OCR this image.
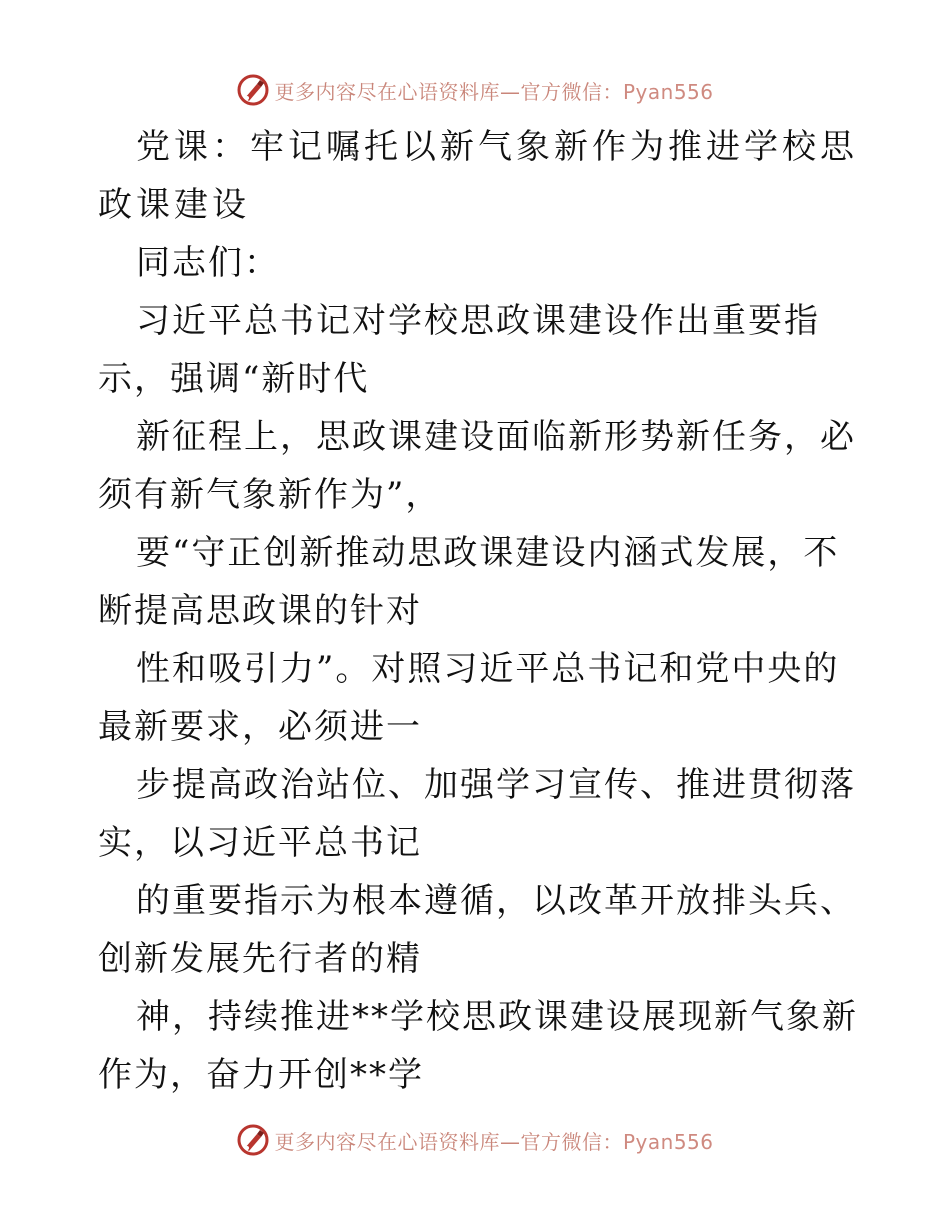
更多内容尽在心语资料库—官方微信：Pyan556

党课：牢记嘱托以新气象新作为推进学校思政课建设

同志们：

习近平总书记对学校思政课建设作出重要指示，强调“新时代

新征程上，思政课建设面临新形势新任务，必须有新气象新作为”，

要“守正创新推动思政课建设内涵式发展，不断提高思政课的针对

性和吸引力”。对照习近平总书记和党中央的最新要求，必须进一

步提高政治站位、加强学习宣传、推进贯彻落实，以习近平总书记

的重要指示为根本遵循，以改革开放排头兵、创新发展先行者的精

神，持续推进**学校思政课建设展现新气象新作为，奋力开创**学

更多内容尽在心语资料库—官方微信：Pyan556
